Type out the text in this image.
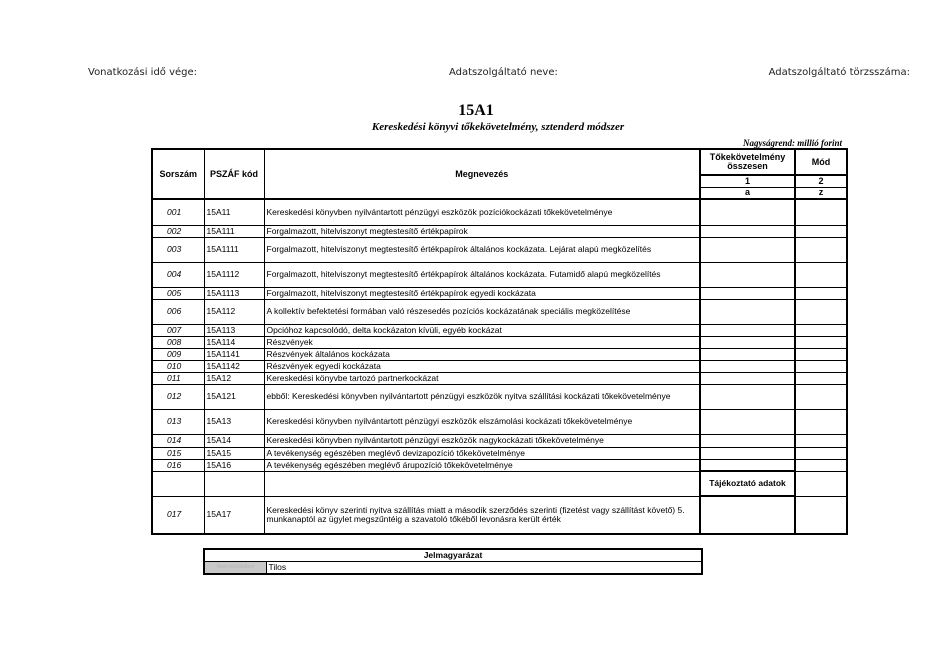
Vonatkozási idő vége:	Adatszolgáltató neve:	Adatszolgáltató törzsszáma:
15A1
Kereskedési könyvi tőkekövetelmény, sztenderd módszer
Nagyságrend: millió forint
Sorszám	PSZÁF kód	Megnevezés	Tőkekövetelmény összesen	Mód
			1	2
			a	z
001	15A11	Kereskedési könyvben nyilvántartott pénzügyi eszközök pozíciókockázati tőkekövetelménye		
002	15A111	Forgalmazott, hitelviszonyt megtestesítő értékpapírok		
003	15A1111	Forgalmazott, hitelviszonyt megtestesítő értékpapírok általános kockázata. Lejárat alapú megközelítés		
004	15A1112	Forgalmazott, hitelviszonyt megtestesítő értékpapírok általános kockázata. Futamidő alapú megközelítés		
005	15A1113	Forgalmazott, hitelviszonyt megtestesítő értékpapírok egyedi kockázata		
006	15A112	A kollektív befektetési formában való részesedés pozíciós kockázatának speciális megközelítése		
007	15A113	Opcióhoz kapcsolódó, delta kockázaton kívüli, egyéb kockázat		
008	15A114	Részvények		
009	15A1141	Részvények általános kockázata		
010	15A1142	Részvények egyedi kockázata		
011	15A12	Kereskedési könyvbe tartozó partnerkockázat		
012	15A121	ebből: Kereskedési könyvben nyilvántartott pénzügyi eszközök nyitva szállítási kockázati tőkekövetelménye		
013	15A13	Kereskedési könyvben nyilvántartott pénzügyi eszközök elszámolási kockázati tőkekövetelménye		
014	15A14	Kereskedési könyvben nyilvántartott pénzügyi eszközök nagykockázati tőkekövetelménye		
015	15A15	A tevékenység egészében meglévő devizapozíció tőkekövetelménye		
016	15A16	A tevékenység egészében meglévő árupozíció tőkekövetelménye		
			Tájékoztató adatok	
017	15A17	Kereskedési könyv szerinti nyitva szállítás miatt a második szerződés szerinti (fizetést vagy szállítást követő) 5. munkanaptól az ügylet megszűntéig a szavatoló tőkéből levonásra került érték		
Jelmagyarázat
Nem kell kitölteni	Tilos
